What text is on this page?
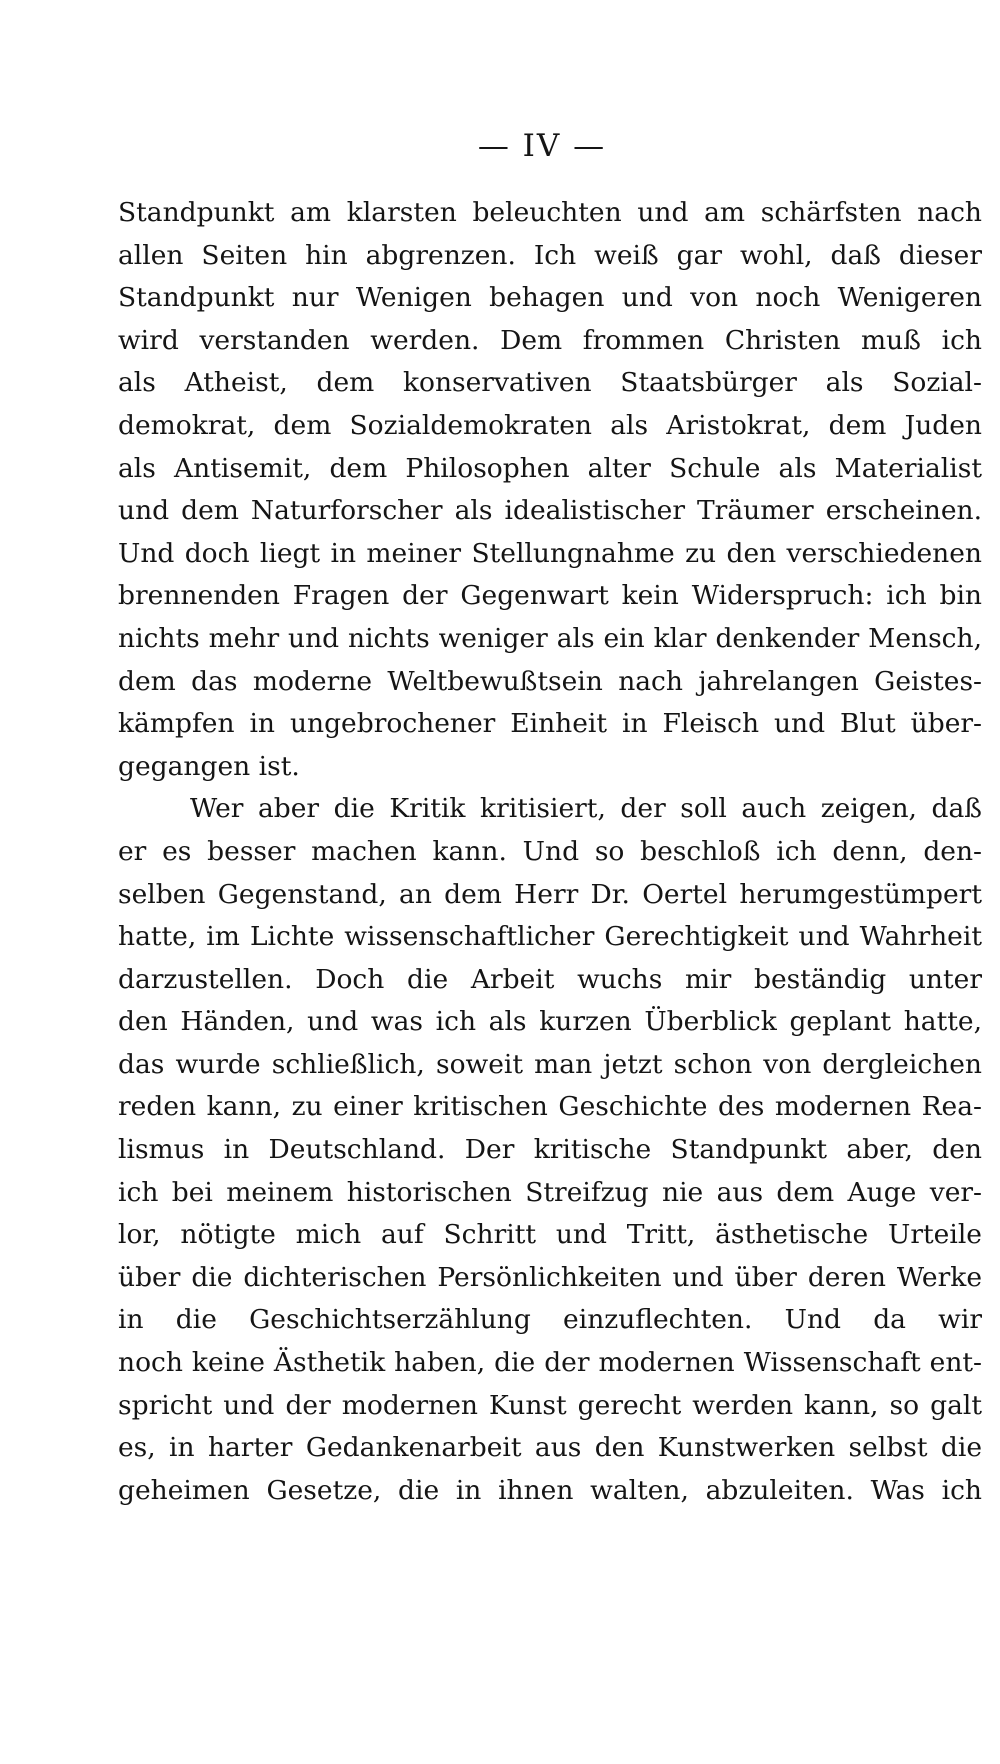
— IV —
Standpunkt am klarsten beleuchten und am schärfsten nach
allen Seiten hin abgrenzen. Ich weiß gar wohl, daß dieser
Standpunkt nur Wenigen behagen und von noch Wenigeren
wird verstanden werden. Dem frommen Christen muß ich
als Atheist, dem konservativen Staatsbürger als Sozial-
demokrat, dem Sozialdemokraten als Aristokrat, dem Juden
als Antisemit, dem Philosophen alter Schule als Materialist
und dem Naturforscher als idealistischer Träumer erscheinen.
Und doch liegt in meiner Stellungnahme zu den verschiedenen
brennenden Fragen der Gegenwart kein Widerspruch: ich bin
nichts mehr und nichts weniger als ein klar denkender Mensch,
dem das moderne Weltbewußtsein nach jahrelangen Geistes-
kämpfen in ungebrochener Einheit in Fleisch und Blut über-
gegangen ist.
Wer aber die Kritik kritisiert, der soll auch zeigen, daß
er es besser machen kann. Und so beschloß ich denn, den-
selben Gegenstand, an dem Herr Dr. Oertel herumgestümpert
hatte, im Lichte wissenschaftlicher Gerechtigkeit und Wahrheit
darzustellen. Doch die Arbeit wuchs mir beständig unter
den Händen, und was ich als kurzen Überblick geplant hatte,
das wurde schließlich, soweit man jetzt schon von dergleichen
reden kann, zu einer kritischen Geschichte des modernen Rea-
lismus in Deutschland. Der kritische Standpunkt aber, den
ich bei meinem historischen Streifzug nie aus dem Auge ver-
lor, nötigte mich auf Schritt und Tritt, ästhetische Urteile
über die dichterischen Persönlichkeiten und über deren Werke
in die Geschichtserzählung einzuflechten. Und da wir
noch keine Ästhetik haben, die der modernen Wissenschaft ent-
spricht und der modernen Kunst gerecht werden kann, so galt
es, in harter Gedankenarbeit aus den Kunstwerken selbst die
geheimen Gesetze, die in ihnen walten, abzuleiten. Was ich
